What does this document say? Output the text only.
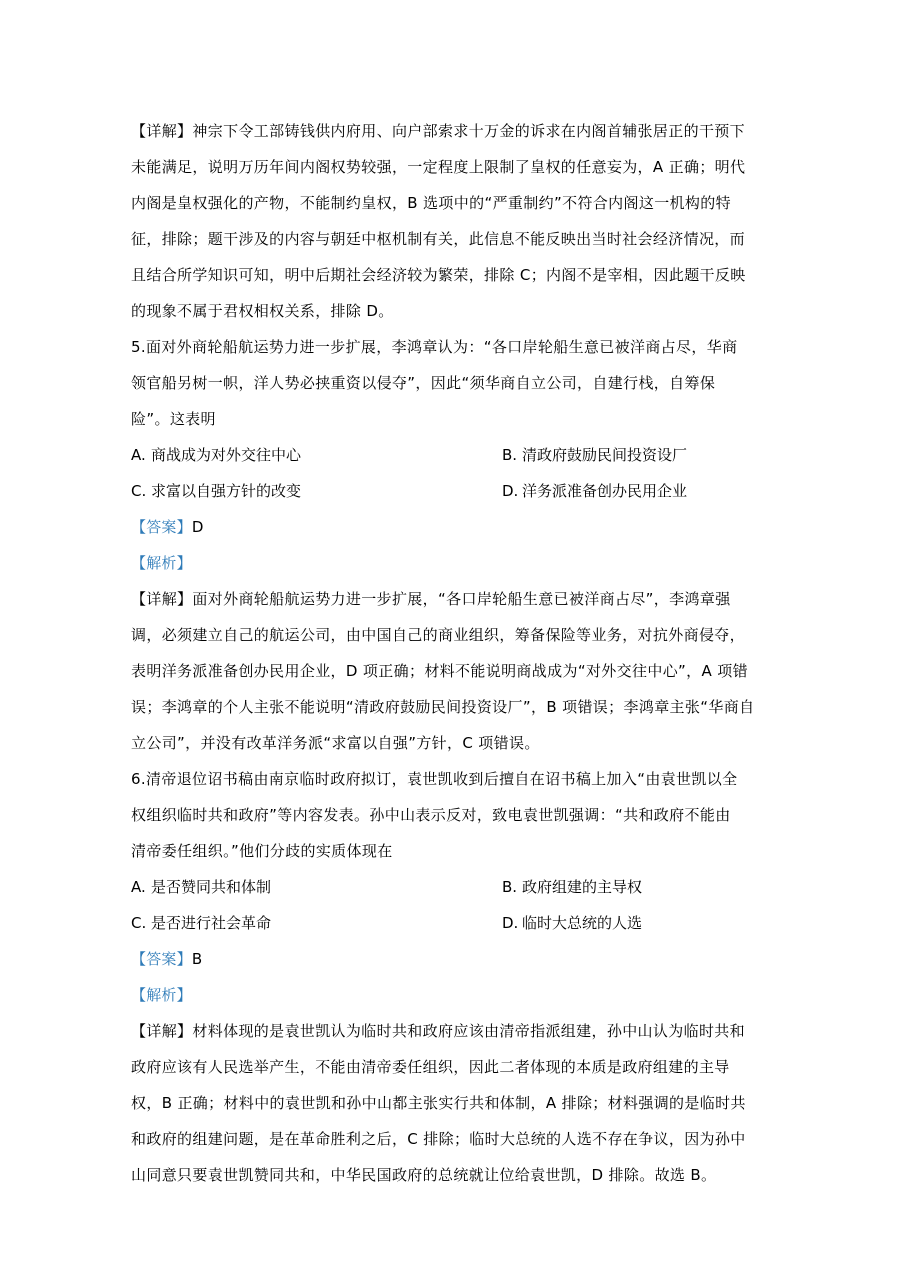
【详解】神宗下令工部铸钱供内府用、向户部索求十万金的诉求在内阁首辅张居正的干预下
未能满足，说明万历年间内阁权势较强，一定程度上限制了皇权的任意妄为，A 正确；明代
内阁是皇权强化的产物，不能制约皇权，B 选项中的“严重制约”不符合内阁这一机构的特
征，排除；题干涉及的内容与朝廷中枢机制有关，此信息不能反映出当时社会经济情况，而
且结合所学知识可知，明中后期社会经济较为繁荣，排除 C；内阁不是宰相，因此题干反映
的现象不属于君权相权关系，排除 D。
5.面对外商轮船航运势力进一步扩展，李鸿章认为：“各口岸轮船生意已被洋商占尽，华商
领官船另树一帜，洋人势必挟重资以侵夺”，因此“须华商自立公司，自建行栈，自筹保
险”。这表明
A. 商战成为对外交往中心	B. 清政府鼓励民间投资设厂
C. 求富以自强方针的改变	D. 洋务派准备创办民用企业
【答案】D
【解析】
【详解】面对外商轮船航运势力进一步扩展，“各口岸轮船生意已被洋商占尽”，李鸿章强
调，必须建立自己的航运公司，由中国自己的商业组织，筹备保险等业务，对抗外商侵夺，
表明洋务派准备创办民用企业，D 项正确；材料不能说明商战成为“对外交往中心”，A 项错
误；李鸿章的个人主张不能说明“清政府鼓励民间投资设厂”，B 项错误；李鸿章主张“华商自
立公司”，并没有改革洋务派“求富以自强”方针，C 项错误。
6.清帝退位诏书稿由南京临时政府拟订，袁世凯收到后擅自在诏书稿上加入“由袁世凯以全
权组织临时共和政府”等内容发表。孙中山表示反对，致电袁世凯强调：“共和政府不能由
清帝委任组织。”他们分歧的实质体现在
A. 是否赞同共和体制	B. 政府组建的主导权
C. 是否进行社会革命	D. 临时大总统的人选
【答案】B
【解析】
【详解】材料体现的是袁世凯认为临时共和政府应该由清帝指派组建，孙中山认为临时共和
政府应该有人民选举产生，不能由清帝委任组织，因此二者体现的本质是政府组建的主导
权，B 正确；材料中的袁世凯和孙中山都主张实行共和体制，A 排除；材料强调的是临时共
和政府的组建问题，是在革命胜利之后，C 排除；临时大总统的人选不存在争议，因为孙中
山同意只要袁世凯赞同共和，中华民国政府的总统就让位给袁世凯，D 排除。故选 B。
